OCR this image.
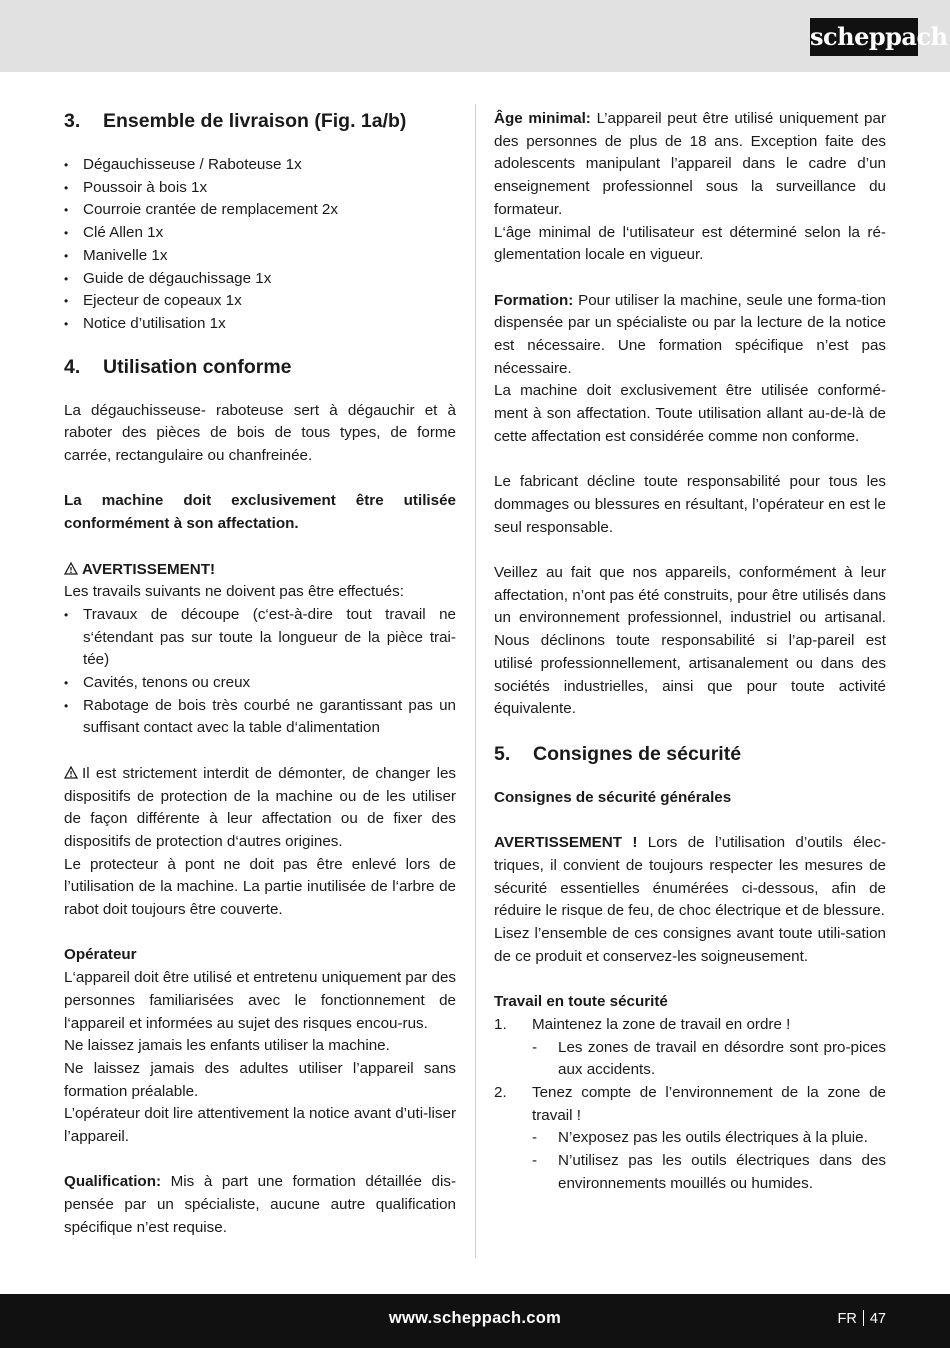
scheppach
3.	Ensemble de livraison (Fig. 1a/b)
• Dégauchisseuse / Raboteuse 1x
• Poussoir à bois 1x
• Courroie crantée de remplacement 2x
• Clé Allen 1x
• Manivelle 1x
• Guide de dégauchissage 1x
• Ejecteur de copeaux 1x
• Notice d’utilisation 1x
4.	Utilisation conforme

La dégauchisseuse- raboteuse sert à dégauchir et à raboter des pièces de bois de tous types, de forme carrée, rectangulaire ou chanfreinée.

La machine doit exclusivement être utilisée conformément à son affectation.

AVERTISSEMENT!

Les travails suivants ne doivent pas être effectués:

• Travaux de découpe (c‘est-à-dire tout travail ne s‘étendant pas sur toute la longueur de la pièce trai-tée)
• Cavités, tenons ou creux
• Rabotage de bois très courbé ne garantissant pas un suffisant contact avec la table d‘alimentation

Il est strictement interdit de démonter, de changer les dispositifs de protection de la machine ou de les utiliser de façon différente à leur affectation ou de fixer des dispositifs de protection d‘autres origines.

Le protecteur à pont ne doit pas être enlevé lors de l’utilisation de la machine. La partie inutilisée de l‘arbre de rabot doit toujours être couverte.

Opérateur

L‘appareil doit être utilisé et entretenu uniquement par des personnes familiarisées avec le fonctionnement de l‘appareil et informées au sujet des risques encou-rus.

Ne laissez jamais les enfants utiliser la machine.

Ne laissez jamais des adultes utiliser l’appareil sans formation préalable.

L’opérateur doit lire attentivement la notice avant d’uti-liser l’appareil.

Qualification: Mis à part une formation détaillée dis-pensée par un spécialiste, aucune autre qualification spécifique n’est requise.

Âge minimal: L’appareil peut être utilisé uniquement par des personnes de plus de 18 ans. Exception faite des adolescents manipulant l’appareil dans le cadre d’un enseignement professionnel sous la surveillance du formateur.

L‘âge minimal de l‘utilisateur est déterminé selon la ré-glementation locale en vigueur.

Formation: Pour utiliser la machine, seule une forma-tion dispensée par un spécialiste ou par la lecture de la notice est nécessaire. Une formation spécifique n’est pas nécessaire.

La machine doit exclusivement être utilisée conformé-ment à son affectation. Toute utilisation allant au-de-là de cette affectation est considérée comme non conforme.

Le fabricant décline toute responsabilité pour tous les dommages ou blessures en résultant, l’opérateur en est le seul responsable.

Veillez au fait que nos appareils, conformément à leur affectation, n’ont pas été construits, pour être utilisés dans un environnement professionnel, industriel ou artisanal. Nous déclinons toute responsabilité si l’ap-pareil est utilisé professionnellement, artisanalement ou dans des sociétés industrielles, ainsi que pour toute activité équivalente.

5.	Consignes de sécurité

Consignes de sécurité générales

AVERTISSEMENT ! Lors de l’utilisation d’outils élec-triques, il convient de toujours respecter les mesures de sécurité essentielles énumérées ci-dessous, afin de réduire le risque de feu, de choc électrique et de blessure.

Lisez l’ensemble de ces consignes avant toute utili-sation de ce produit et conservez-les soigneusement.

Travail en toute sécurité

1. Maintenez la zone de travail en ordre !
- Les zones de travail en désordre sont pro-pices aux accidents.
2. Tenez compte de l’environnement de la zone de travail !
- N’exposez pas les outils électriques à la pluie.
- N’utilisez pas les outils électriques dans des environnements mouillés ou humides.
www.scheppach.com	FR 47
